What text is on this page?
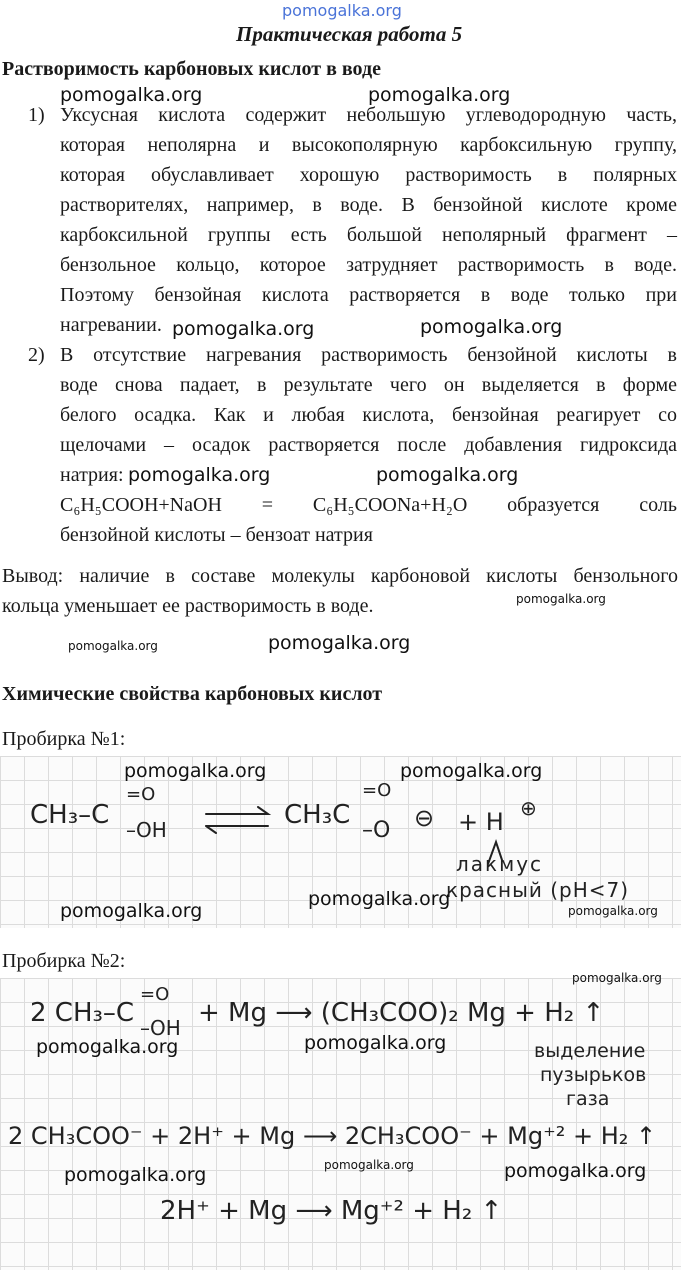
pomogalka.org
Практическая работа 5
Растворимость карбоновых кислот в воде
1) Уксусная кислота содержит небольшую углеводородную часть,
которая неполярна и высокополярную карбоксильную группу,
которая обуславливает хорошую растворимость в полярных
растворителях, например, в воде. В бензойной кислоте кроме
карбоксильной группы есть большой неполярный фрагмент –
бензольное кольцо, которое затрудняет растворимость в воде.
Поэтому бензойная кислота растворяется в воде только при
нагревании.
2) В отсутствие нагревания растворимость бензойной кислоты в
воде снова падает, в результате чего он выделяется в форме
белого осадка. Как и любая кислота, бензойная реагирует со
щелочами – осадок растворяется после добавления гидроксида
натрия:
C₆H₅COOH+NaOH = C₆H₅COONa+H₂O образуется соль
бензойной кислоты – бензоат натрия
Вывод: наличие в составе молекулы карбоновой кислоты бензольного
кольца уменьшает ее растворимость в воде.
Химические свойства карбоновых кислот
Пробирка №1:
CH₃–C
=O
–OH	CH₃C
=O
–O ⊖ + H ⊕
лакмус
красный (pH<7)
Пробирка №2:
2 CH₃–C
=O
–OH + Mg ⟶ (CH₃COO)₂ Mg + H₂ ↑
выделение
пузырьков
газа
2 CH₃COO⁻ + 2H⁺ + Mg ⟶ 2CH₃COO⁻ + Mg⁺² + H₂ ↑
2H⁺ + Mg ⟶ Mg⁺² + H₂ ↑
pomogalka.org	pomogalka.org
pomogalka.org	pomogalka.org
pomogalka.org	pomogalka.org
pomogalka.org
pomogalka.org	pomogalka.org
pomogalka.org	pomogalka.org
pomogalka.org
pomogalka.org	pomogalka.org
pomogalka.org
pomogalka.org	pomogalka.org
pomogalka.org
pomogalka.org	pomogalka.org
